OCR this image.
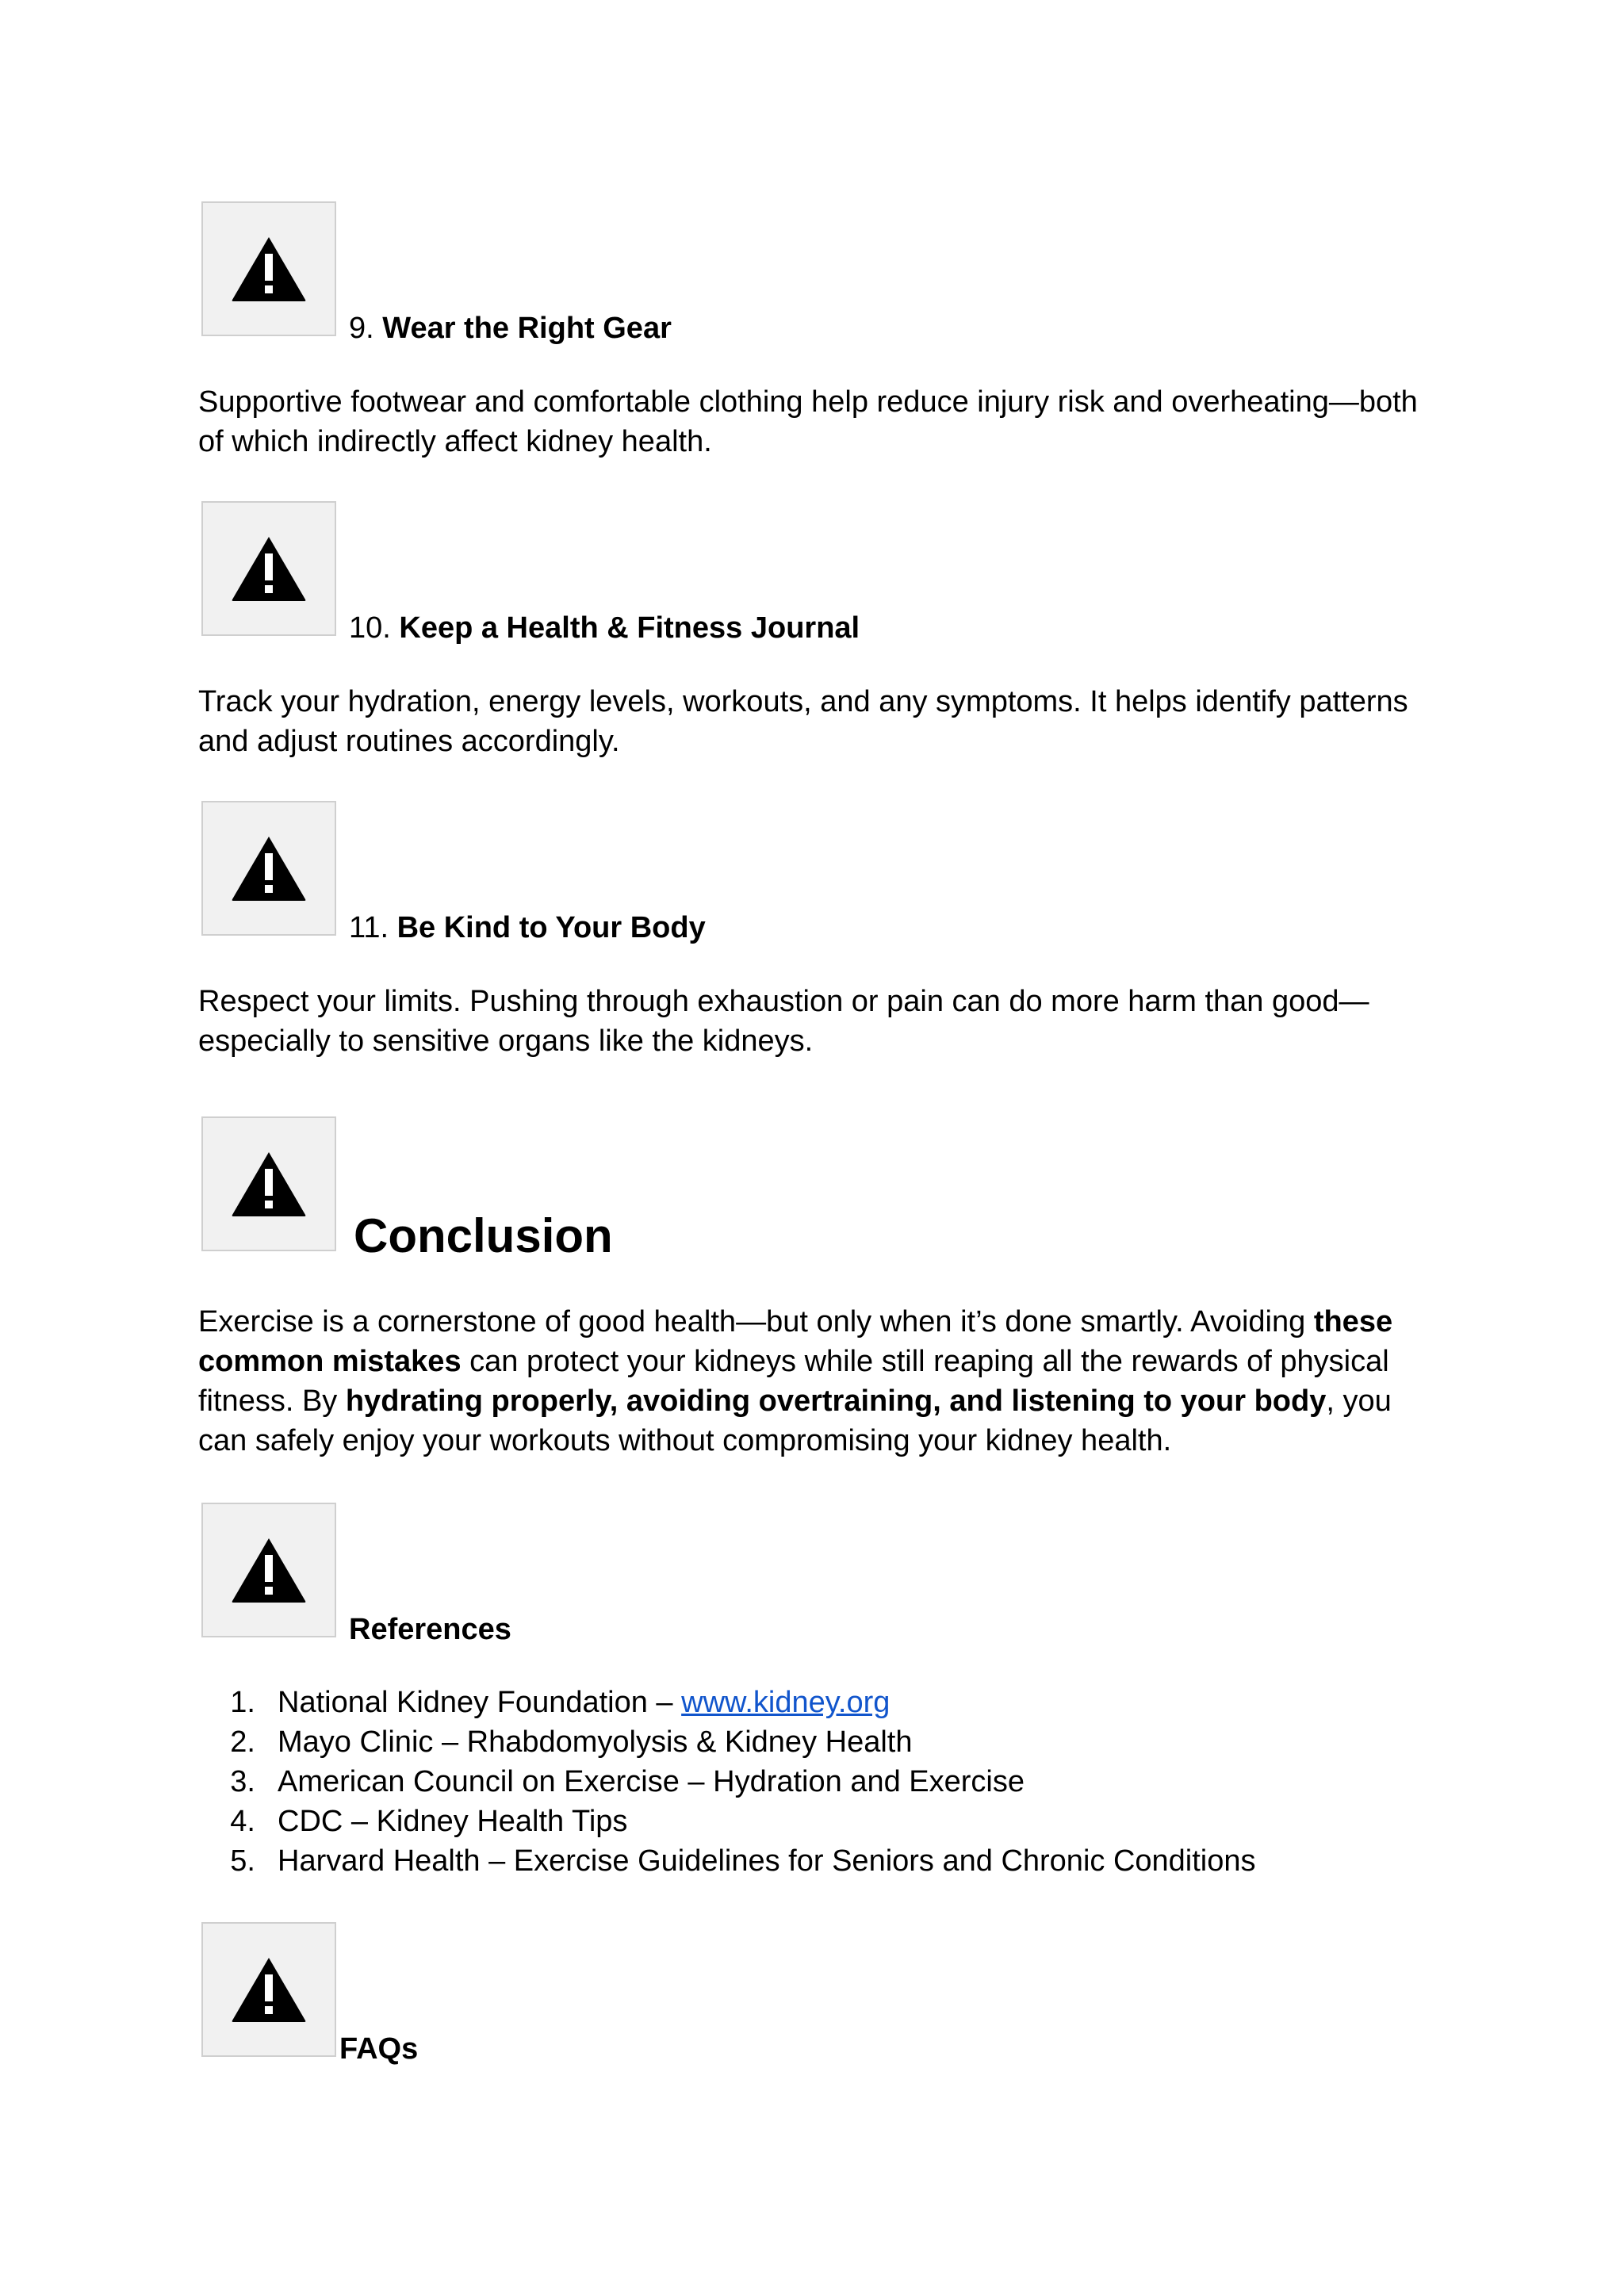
9. Wear the Right Gear

Supportive footwear and comfortable clothing help reduce injury risk and overheating—both of which indirectly affect kidney health.

10. Keep a Health & Fitness Journal

Track your hydration, energy levels, workouts, and any symptoms. It helps identify patterns and adjust routines accordingly.

11. Be Kind to Your Body

Respect your limits. Pushing through exhaustion or pain can do more harm than good—especially to sensitive organs like the kidneys.

Conclusion

Exercise is a cornerstone of good health—but only when it’s done smartly. Avoiding these common mistakes can protect your kidneys while still reaping all the rewards of physical fitness. By hydrating properly, avoiding overtraining, and listening to your body, you can safely enjoy your workouts without compromising your kidney health.

References
1. National Kidney Foundation – www.kidney.org
2. Mayo Clinic – Rhabdomyolysis & Kidney Health
3. American Council on Exercise – Hydration and Exercise
4. CDC – Kidney Health Tips
5. Harvard Health – Exercise Guidelines for Seniors and Chronic Conditions
FAQs
